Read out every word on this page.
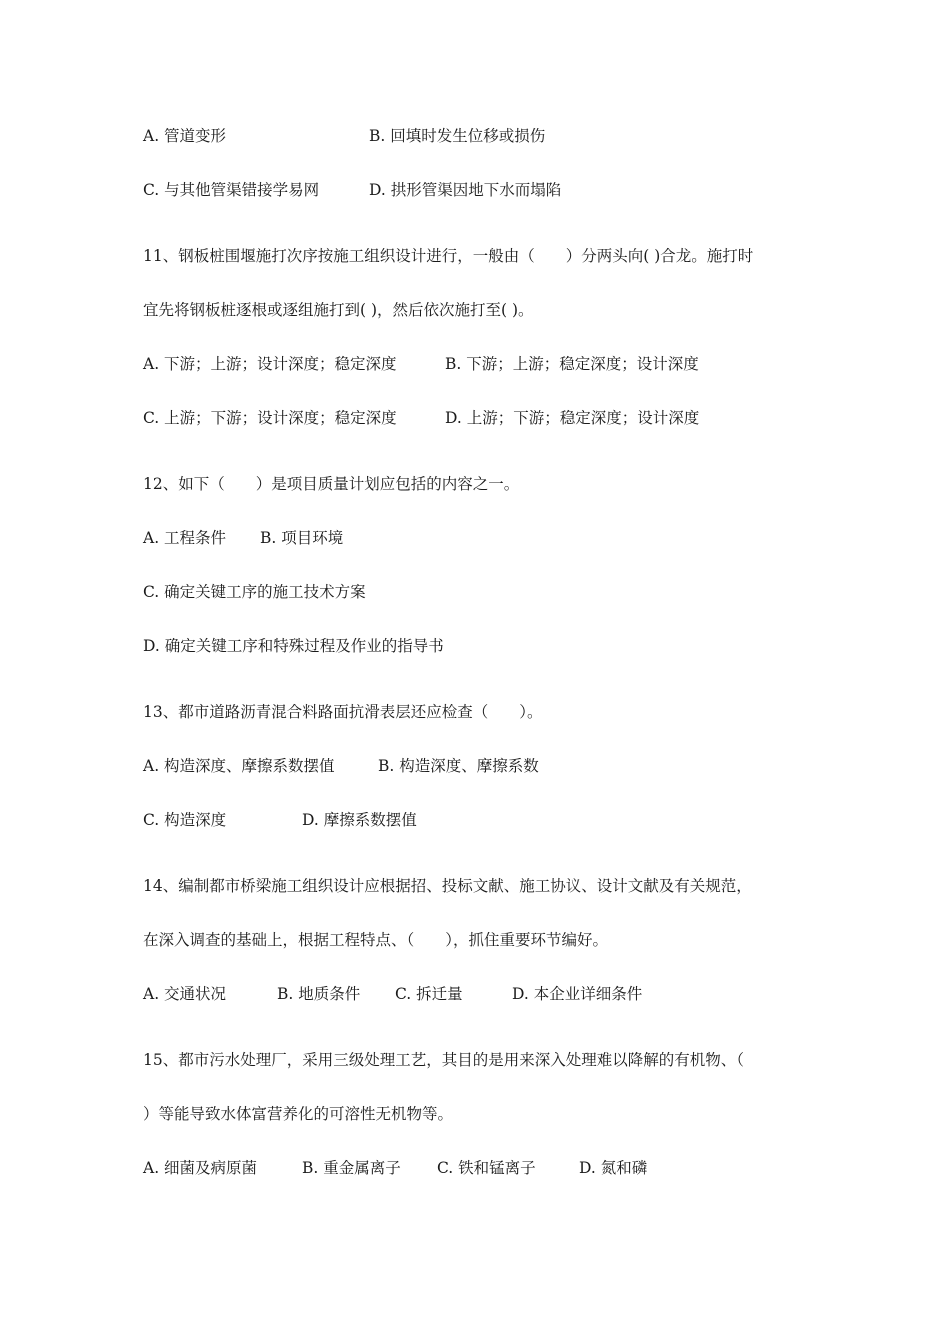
A. 管道变形	B. 回填时发生位移或损伤
C. 与其他管渠错接学易网	D. 拱形管渠因地下水而塌陷
11、钢板桩围堰施打次序按施工组织设计进行，一般由（　　）分两头向( )合龙。施打时
宜先将钢板桩逐根或逐组施打到( )，然后依次施打至( )。
A. 下游；上游；设计深度；稳定深度	B. 下游；上游；稳定深度；设计深度
C. 上游；下游；设计深度；稳定深度	D. 上游；下游；稳定深度；设计深度
12、如下（　　）是项目质量计划应包括的内容之一。
A. 工程条件 B. 项目环境
C. 确定关键工序的施工技术方案
D. 确定关键工序和特殊过程及作业的指导书
13、都市道路沥青混合料路面抗滑表层还应检查（　　）。
A. 构造深度、摩擦系数摆值	B. 构造深度、摩擦系数
C. 构造深度	D. 摩擦系数摆值
14、编制都市桥梁施工组织设计应根据招、投标文献、施工协议、设计文献及有关规范，
在深入调查的基础上，根据工程特点、（　　），抓住重要环节编好。
A. 交通状况	B. 地质条件 C. 拆迁量	D. 本企业详细条件
15、都市污水处理厂，采用三级处理工艺，其目的是用来深入处理难以降解的有机物、（
）等能导致水体富营养化的可溶性无机物等。
A. 细菌及病原菌	B. 重金属离子 C. 铁和锰离子	D. 氮和磷
